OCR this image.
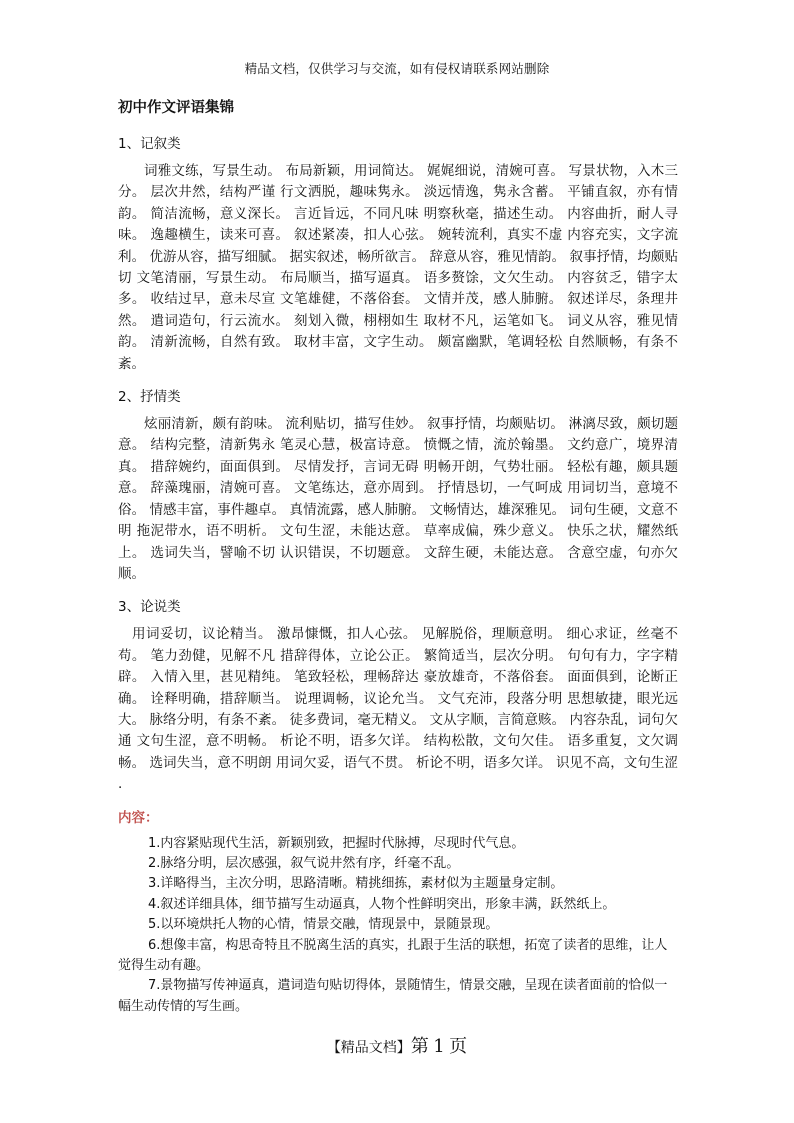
精品文档，仅供学习与交流，如有侵权请联系网站删除
初中作文评语集锦
1、记叙类

词雅文练，写景生动。 布局新颖，用词简达。 娓娓细说，清婉可喜。 写景状物，入木三分。 层次井然，结构严谨 行文洒脱，趣味隽永。 淡远情逸，隽永含蓄。 平铺直叙，亦有情韵。 简洁流畅，意义深长。 言近旨远，不同凡味 明察秋毫，描述生动。 内容曲折，耐人寻味。 逸趣横生，读来可喜。 叙述紧凑，扣人心弦。 婉转流利，真实不虚 内容充实，文字流利。 优游从容，描写细腻。 据实叙述，畅所欲言。 辞意从容，雅见情韵。 叙事抒情，均颇贴切 文笔清丽，写景生动。 布局顺当，描写逼真。 语多赘馀，文欠生动。 内容贫乏，错字太多。 收结过早，意未尽宣 文笔雄健，不落俗套。 文情并茂，感人肺腑。 叙述详尽，条理井然。 遣词造句，行云流水。 刻划入微，栩栩如生 取材不凡，运笔如飞。 词义从容，雅见情韵。 清新流畅，自然有致。 取材丰富，文字生动。 颇富幽默，笔调轻松 自然顺畅，有条不紊。

2、抒情类

炫丽清新，颇有韵味。 流利贴切，描写佳妙。 叙事抒情，均颇贴切。 淋漓尽致，颇切题意。 结构完整，清新隽永 笔灵心慧，极富诗意。 愤慨之情，流於翰墨。 文约意广，境界清真。 措辞婉约，面面俱到。 尽情发抒，言词无碍 明畅开朗，气势壮丽。 轻松有趣，颇具题意。 辞藻瑰丽，清婉可喜。 文笔练达，意亦周到。 抒情恳切，一气呵成 用词切当，意境不俗。 情感丰富，事件趣卓。 真情流露，感人肺腑。 文畅情达，雄深雅见。 词句生硬，文意不明 拖泥带水，语不明析。 文句生涩，未能达意。 草率成偏，殊少意义。 快乐之状，耀然纸上。 选词失当，譬喻不切 认识错误，不切题意。 文辞生硬，未能达意。 含意空虚，句亦欠顺。

3、论说类

用词妥切，议论精当。 激昂慷慨，扣人心弦。 见解脱俗，理顺意明。 细心求证，丝毫不苟。 笔力劲健，见解不凡 措辞得体，立论公正。 繁简适当，层次分明。 句句有力，字字精辟。 入情入里，甚见精纯。 笔致轻松，理畅辞达 豪放雄奇，不落俗套。 面面俱到，论断正确。 诠释明确，措辞顺当。 说理调畅，议论允当。 文气充沛，段落分明 思想敏捷，眼光远大。 脉络分明，有条不紊。 徒多费词，毫无精义。 文从字顺，言简意赅。 内容杂乱，词句欠通 文句生涩，意不明畅。 析论不明，语多欠详。 结构松散，文句欠佳。 语多重复，文欠调畅。 选词失当，意不明朗 用词欠妥，语气不贯。 析论不明，语多欠详。 识见不高，文句生涩 .

内容：

1.内容紧贴现代生活，新颖别致，把握时代脉搏，尽现时代气息。

2.脉络分明，层次感强，叙气说井然有序，纤毫不乱。

3.详略得当，主次分明，思路清晰。精挑细拣，素材似为主题量身定制。

4.叙述详细具体，细节描写生动逼真，人物个性鲜明突出，形象丰满，跃然纸上。

5.以环境烘托人物的心情，情景交融，情现景中，景随景现。

6.想像丰富，构思奇特且不脱离生活的真实，扎跟于生活的联想，拓宽了读者的思维，让人觉得生动有趣。

7.景物描写传神逼真，遣词造句贴切得体，景随情生，情景交融，呈现在读者面前的恰似一幅生动传情的写生画。

【精品文档】第 1 页
